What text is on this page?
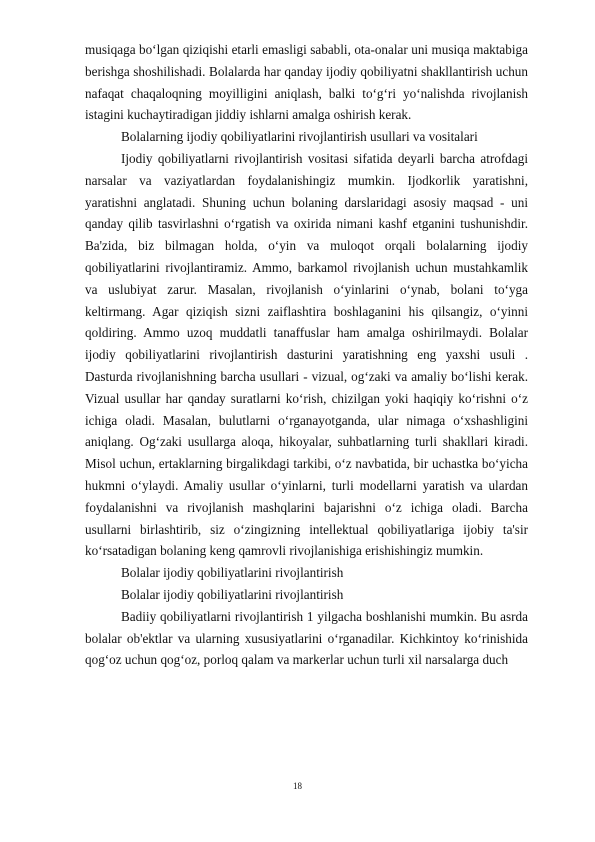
musiqaga bo‘lgan qiziqishi etarli emasligi sababli, ota-onalar uni musiqa maktabiga berishga shoshilishadi. Bolalarda har qanday ijodiy qobiliyatni shakllantirish uchun nafaqat chaqaloqning moyilligini aniqlash, balki to‘g‘ri yo‘nalishda rivojlanish istagini kuchaytiradigan jiddiy ishlarni amalga oshirish kerak.

Bolalarning ijodiy qobiliyatlarini rivojlantirish usullari va vositalari

Ijodiy qobiliyatlarni rivojlantirish vositasi sifatida deyarli barcha atrofdagi narsalar va vaziyatlardan foydalanishingiz mumkin. Ijodkorlik yaratishni, yaratishni anglatadi. Shuning uchun bolaning darslaridagi asosiy maqsad - uni qanday qilib tasvirlashni o‘rgatish va oxirida nimani kashf etganini tushunishdir. Ba'zida, biz bilmagan holda, o‘yin va muloqot orqali bolalarning ijodiy qobiliyatlarini rivojlantiramiz. Ammo, barkamol rivojlanish uchun mustahkamlik va uslubiyat zarur. Masalan, rivojlanish o‘yinlarini o‘ynab, bolani to‘yga keltirmang. Agar qiziqish sizni zaiflashtira boshlaganini his qilsangiz, o‘yinni qoldiring. Ammo uzoq muddatli tanaffuslar ham amalga oshirilmaydi. Bolalar ijodiy qobiliyatlarini rivojlantirish dasturini yaratishning eng yaxshi usuli . Dasturda rivojlanishning barcha usullari - vizual, og‘zaki va amaliy bo‘lishi kerak. Vizual usullar har qanday suratlarni ko‘rish, chizilgan yoki haqiqiy ko‘rishni o‘z ichiga oladi. Masalan, bulutlarni o‘rganayotganda, ular nimaga o‘xshashligini aniqlang. Og‘zaki usullarga aloqa, hikoyalar, suhbatlarning turli shakllari kiradi. Misol uchun, ertaklarning birgalikdagi tarkibi, o‘z navbatida, bir uchastka bo‘yicha hukmni o‘ylaydi. Amaliy usullar o‘yinlarni, turli modellarni yaratish va ulardan foydalanishni va rivojlanish mashqlarini bajarishni o‘z ichiga oladi. Barcha usullarni birlashtirib, siz o‘zingizning intellektual qobiliyatlariga ijobiy ta'sir ko‘rsatadigan bolaning keng qamrovli rivojlanishiga erishishingiz mumkin.

Bolalar ijodiy qobiliyatlarini rivojlantirish

Bolalar ijodiy qobiliyatlarini rivojlantirish

Badiiy qobiliyatlarni rivojlantirish 1 yilgacha boshlanishi mumkin. Bu asrda bolalar ob'ektlar va ularning xususiyatlarini o‘rganadilar. Kichkintoy ko‘rinishida qog‘oz uchun qog‘oz, porloq qalam va markerlar uchun turli xil narsalarga duch

18
